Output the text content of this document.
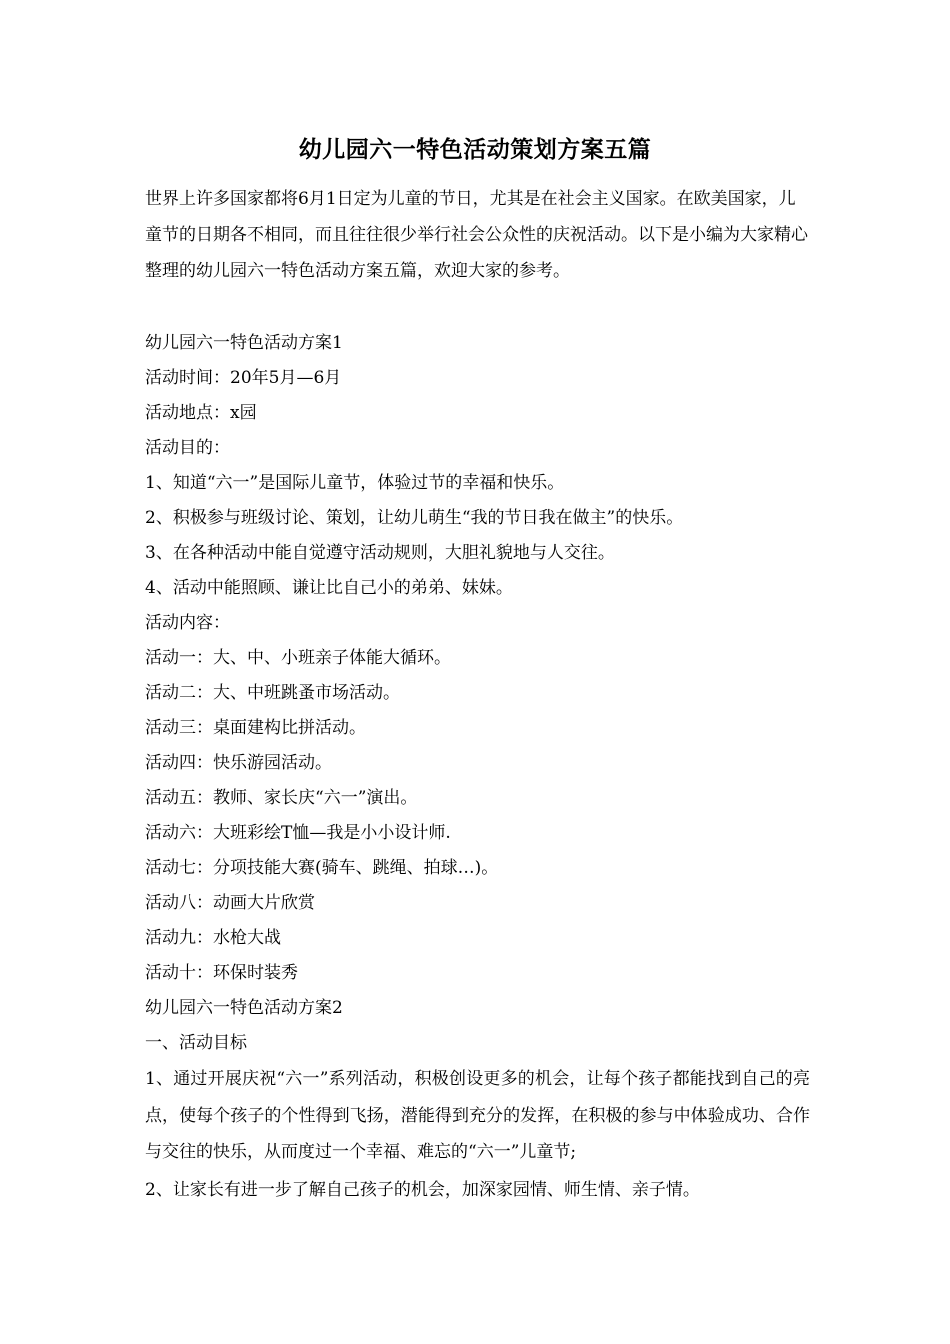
幼儿园六一特色活动策划方案五篇

世界上许多国家都将6月1日定为儿童的节日，尤其是在社会主义国家。在欧美国家，儿童节的日期各不相同，而且往往很少举行社会公众性的庆祝活动。以下是小编为大家精心整理的幼儿园六一特色活动方案五篇，欢迎大家的参考。

幼儿园六一特色活动方案1
活动时间：20年5月—6月
活动地点：x园
活动目的：
1、知道“六一”是国际儿童节，体验过节的幸福和快乐。
2、积极参与班级讨论、策划，让幼儿萌生“我的节日我在做主”的快乐。
3、在各种活动中能自觉遵守活动规则，大胆礼貌地与人交往。
4、活动中能照顾、谦让比自己小的弟弟、妹妹。
活动内容：
活动一：大、中、小班亲子体能大循环。
活动二：大、中班跳蚤市场活动。
活动三：桌面建构比拼活动。
活动四：快乐游园活动。
活动五：教师、家长庆“六一”演出。
活动六：大班彩绘T恤—我是小小设计师.
活动七：分项技能大赛(骑车、跳绳、拍球…)。
活动八：动画大片欣赏
活动九：水枪大战
活动十：环保时装秀
幼儿园六一特色活动方案2
一、活动目标

1、通过开展庆祝“六一”系列活动，积极创设更多的机会，让每个孩子都能找到自己的亮点，使每个孩子的个性得到飞扬，潜能得到充分的发挥，在积极的参与中体验成功、合作与交往的快乐，从而度过一个幸福、难忘的“六一”儿童节;

2、让家长有进一步了解自己孩子的机会，加深家园情、师生情、亲子情。
